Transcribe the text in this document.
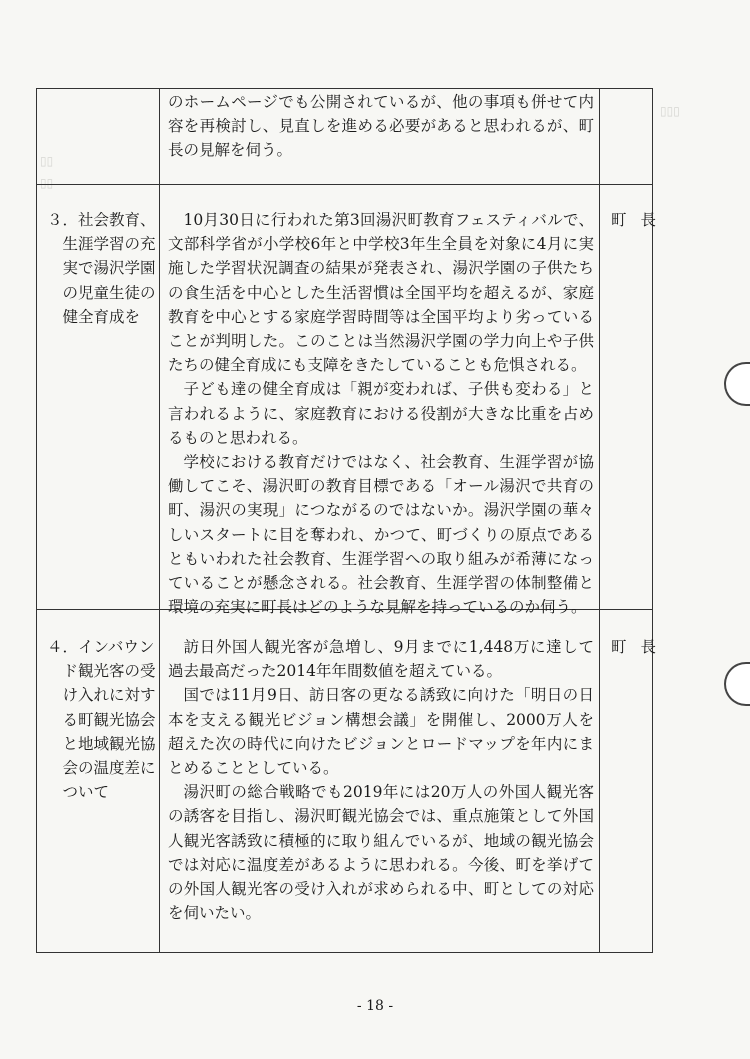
▯▯
▯▯
▯▯▯

のホームページでも公開されているが、他の事項も併せて内容を再検討し、見直しを進める必要があると思われるが、町長の見解を伺う。

３．社会教育、
　生涯学習の充
　実で湯沢学園
　の児童生徒の
　健全育成を

10月30日に行われた第3回湯沢町教育フェスティバルで、文部科学省が小学校6年と中学校3年生全員を対象に4月に実施した学習状況調査の結果が発表され、湯沢学園の子供たちの食生活を中心とした生活習慣は全国平均を超えるが、家庭教育を中心とする家庭学習時間等は全国平均より劣っていることが判明した。このことは当然湯沢学園の学力向上や子供たちの健全育成にも支障をきたしていることも危惧される。

子ども達の健全育成は「親が変われば、子供も変わる」と言われるように、家庭教育における役割が大きな比重を占めるものと思われる。

学校における教育だけではなく、社会教育、生涯学習が協働してこそ、湯沢町の教育目標である「オール湯沢で共育の町、湯沢の実現」につながるのではないか。湯沢学園の華々しいスタートに目を奪われ、かつて、町づくりの原点であるともいわれた社会教育、生涯学習への取り組みが希薄になっていることが懸念される。社会教育、生涯学習の体制整備と環境の充実に町長はどのような見解を持っているのか伺う。

町長
４．インバウン
　ド観光客の受
　け入れに対す
　る町観光協会
　と地域観光協
　会の温度差に
　ついて

訪日外国人観光客が急増し、9月までに1,448万に達して過去最高だった2014年年間数値を超えている。

国では11月9日、訪日客の更なる誘致に向けた「明日の日本を支える観光ビジョン構想会議」を開催し、2000万人を超えた次の時代に向けたビジョンとロードマップを年内にまとめることとしている。

湯沢町の総合戦略でも2019年には20万人の外国人観光客の誘客を目指し、湯沢町観光協会では、重点施策として外国人観光客誘致に積極的に取り組んでいるが、地域の観光協会では対応に温度差があるように思われる。今後、町を挙げての外国人観光客の受け入れが求められる中、町としての対応を伺いたい。

町長
- 18 -
